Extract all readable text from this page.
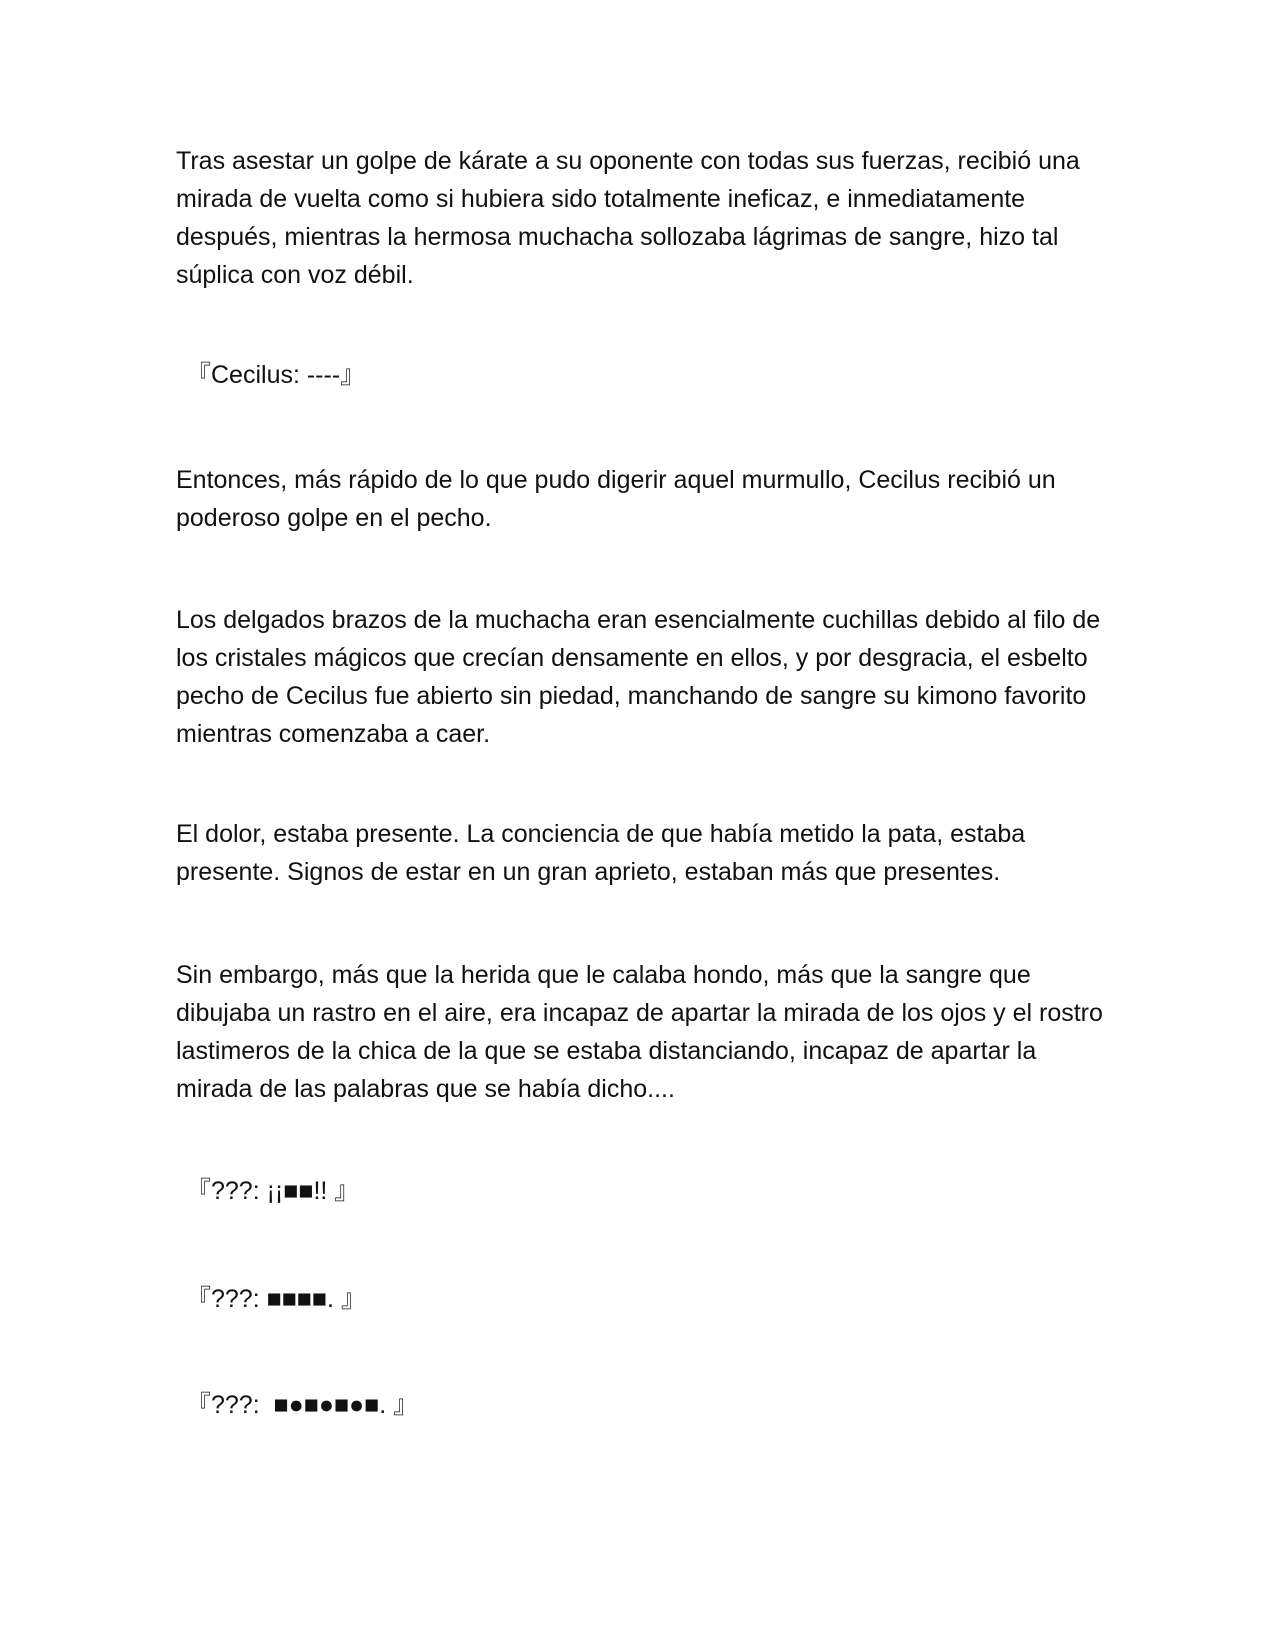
Tras asestar un golpe de kárate a su oponente con todas sus fuerzas, recibió una mirada de vuelta como si hubiera sido totalmente ineficaz, e inmediatamente después, mientras la hermosa muchacha sollozaba lágrimas de sangre, hizo tal súplica con voz débil.

『Cecilus: ----』

Entonces, más rápido de lo que pudo digerir aquel murmullo, Cecilus recibió un poderoso golpe en el pecho.

Los delgados brazos de la muchacha eran esencialmente cuchillas debido al filo de los cristales mágicos que crecían densamente en ellos, y por desgracia, el esbelto pecho de Cecilus fue abierto sin piedad, manchando de sangre su kimono favorito mientras comenzaba a caer.

El dolor, estaba presente. La conciencia de que había metido la pata, estaba presente. Signos de estar en un gran aprieto, estaban más que presentes.

Sin embargo, más que la herida que le calaba hondo, más que la sangre que dibujaba un rastro en el aire, era incapaz de apartar la mirada de los ojos y el rostro lastimeros de la chica de la que se estaba distanciando, incapaz de apartar la mirada de las palabras que se había dicho....

『???: ¡¡■■!! 』

『???: ■■■■. 』

『???:  ■●■●■●■. 』
